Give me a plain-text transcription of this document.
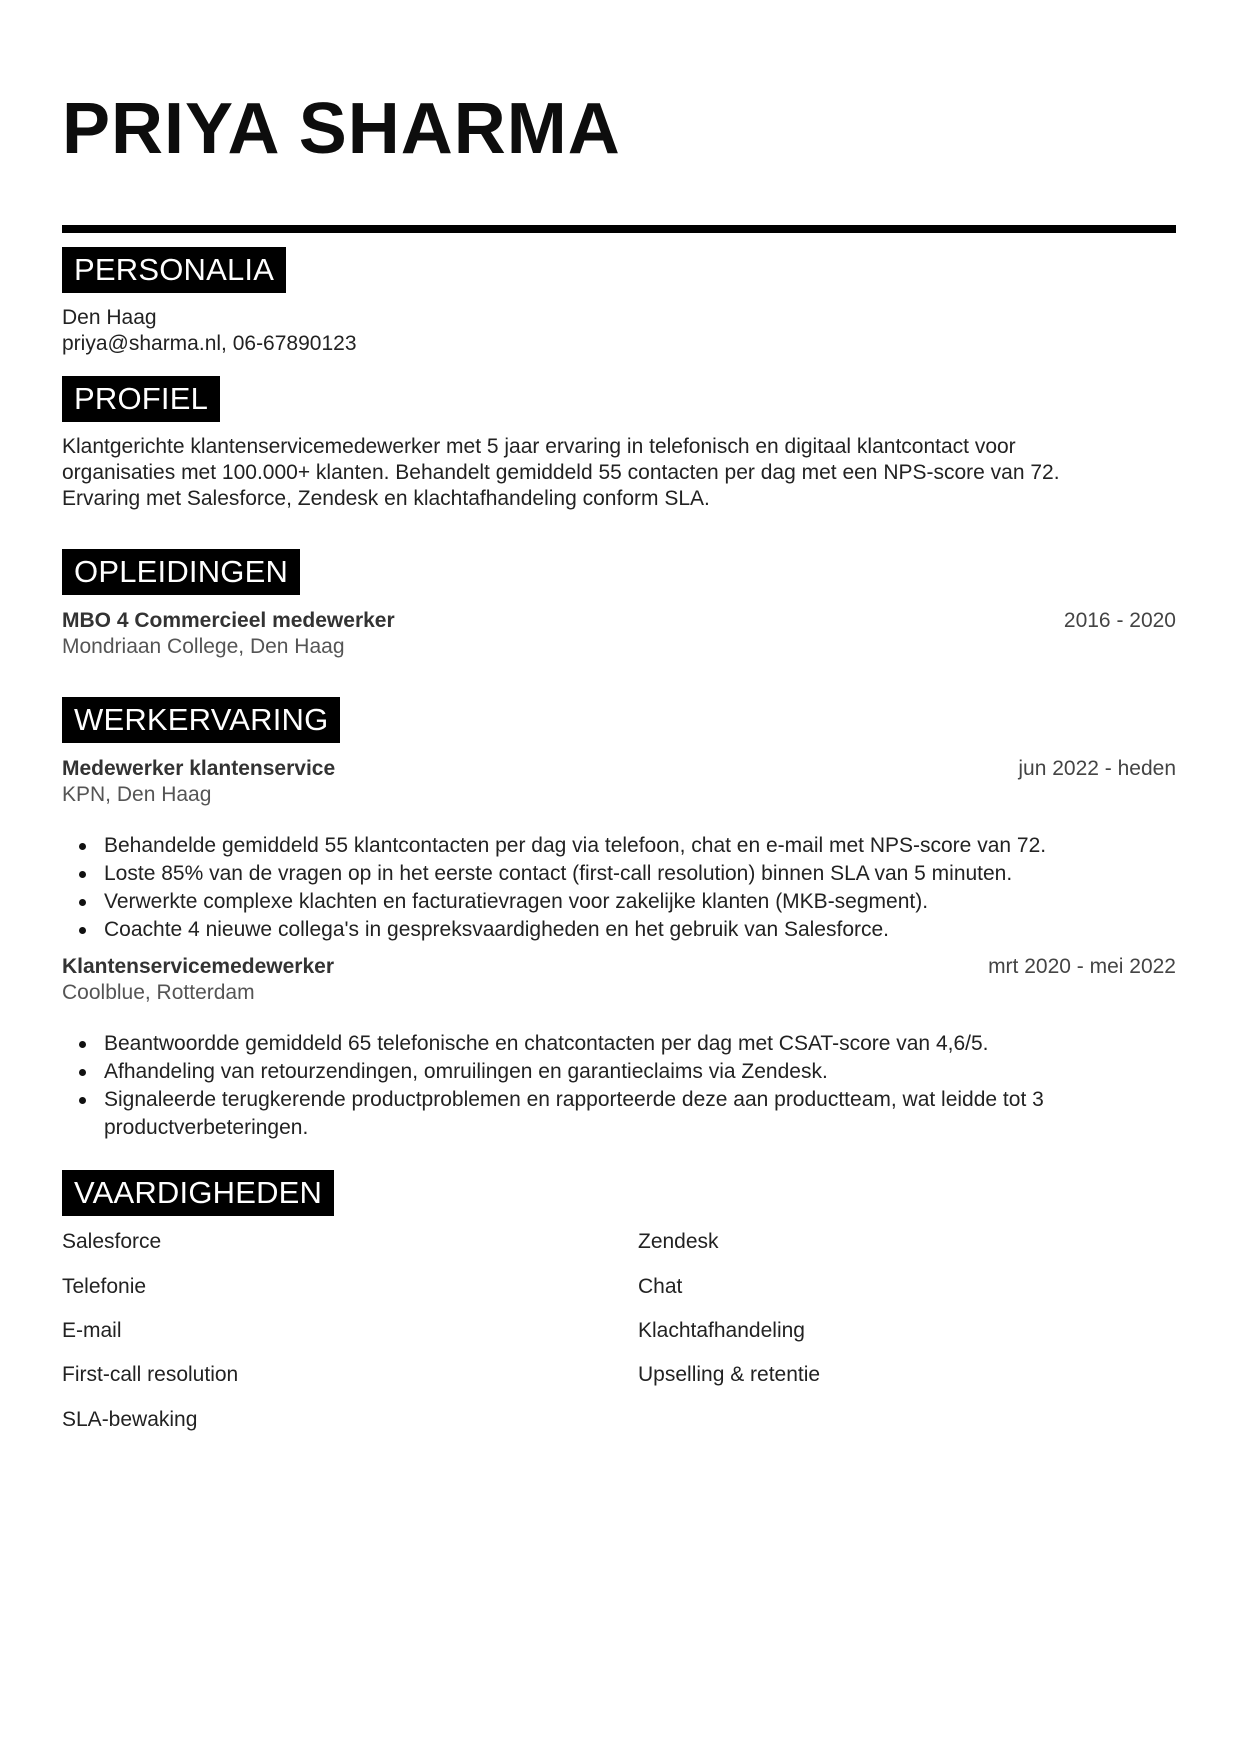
PRIYA SHARMA
PERSONALIA
Den Haag
priya@sharma.nl, 06-67890123
PROFIEL
Klantgerichte klantenservicemedewerker met 5 jaar ervaring in telefonisch en digitaal klantcontact voor
organisaties met 100.000+ klanten. Behandelt gemiddeld 55 contacten per dag met een NPS-score van 72.
Ervaring met Salesforce, Zendesk en klachtafhandeling conform SLA.
OPLEIDINGEN
MBO 4 Commercieel medewerker	2016 - 2020
Mondriaan College, Den Haag
WERKERVARING
Medewerker klantenservice	jun 2022 - heden
KPN, Den Haag
Behandelde gemiddeld 55 klantcontacten per dag via telefoon, chat en e-mail met NPS-score van 72.
Loste 85% van de vragen op in het eerste contact (first-call resolution) binnen SLA van 5 minuten.
Verwerkte complexe klachten en facturatievragen voor zakelijke klanten (MKB-segment).
Coachte 4 nieuwe collega's in gespreksvaardigheden en het gebruik van Salesforce.
Klantenservicemedewerker	mrt 2020 - mei 2022
Coolblue, Rotterdam
Beantwoordde gemiddeld 65 telefonische en chatcontacten per dag met CSAT-score van 4,6/5.
Afhandeling van retourzendingen, omruilingen en garantieclaims via Zendesk.
Signaleerde terugkerende productproblemen en rapporteerde deze aan productteam, wat leidde tot 3 productverbeteringen.
VAARDIGHEDEN
Salesforce	Zendesk
Telefonie	Chat
E-mail	Klachtafhandeling
First-call resolution	Upselling & retentie
SLA-bewaking
